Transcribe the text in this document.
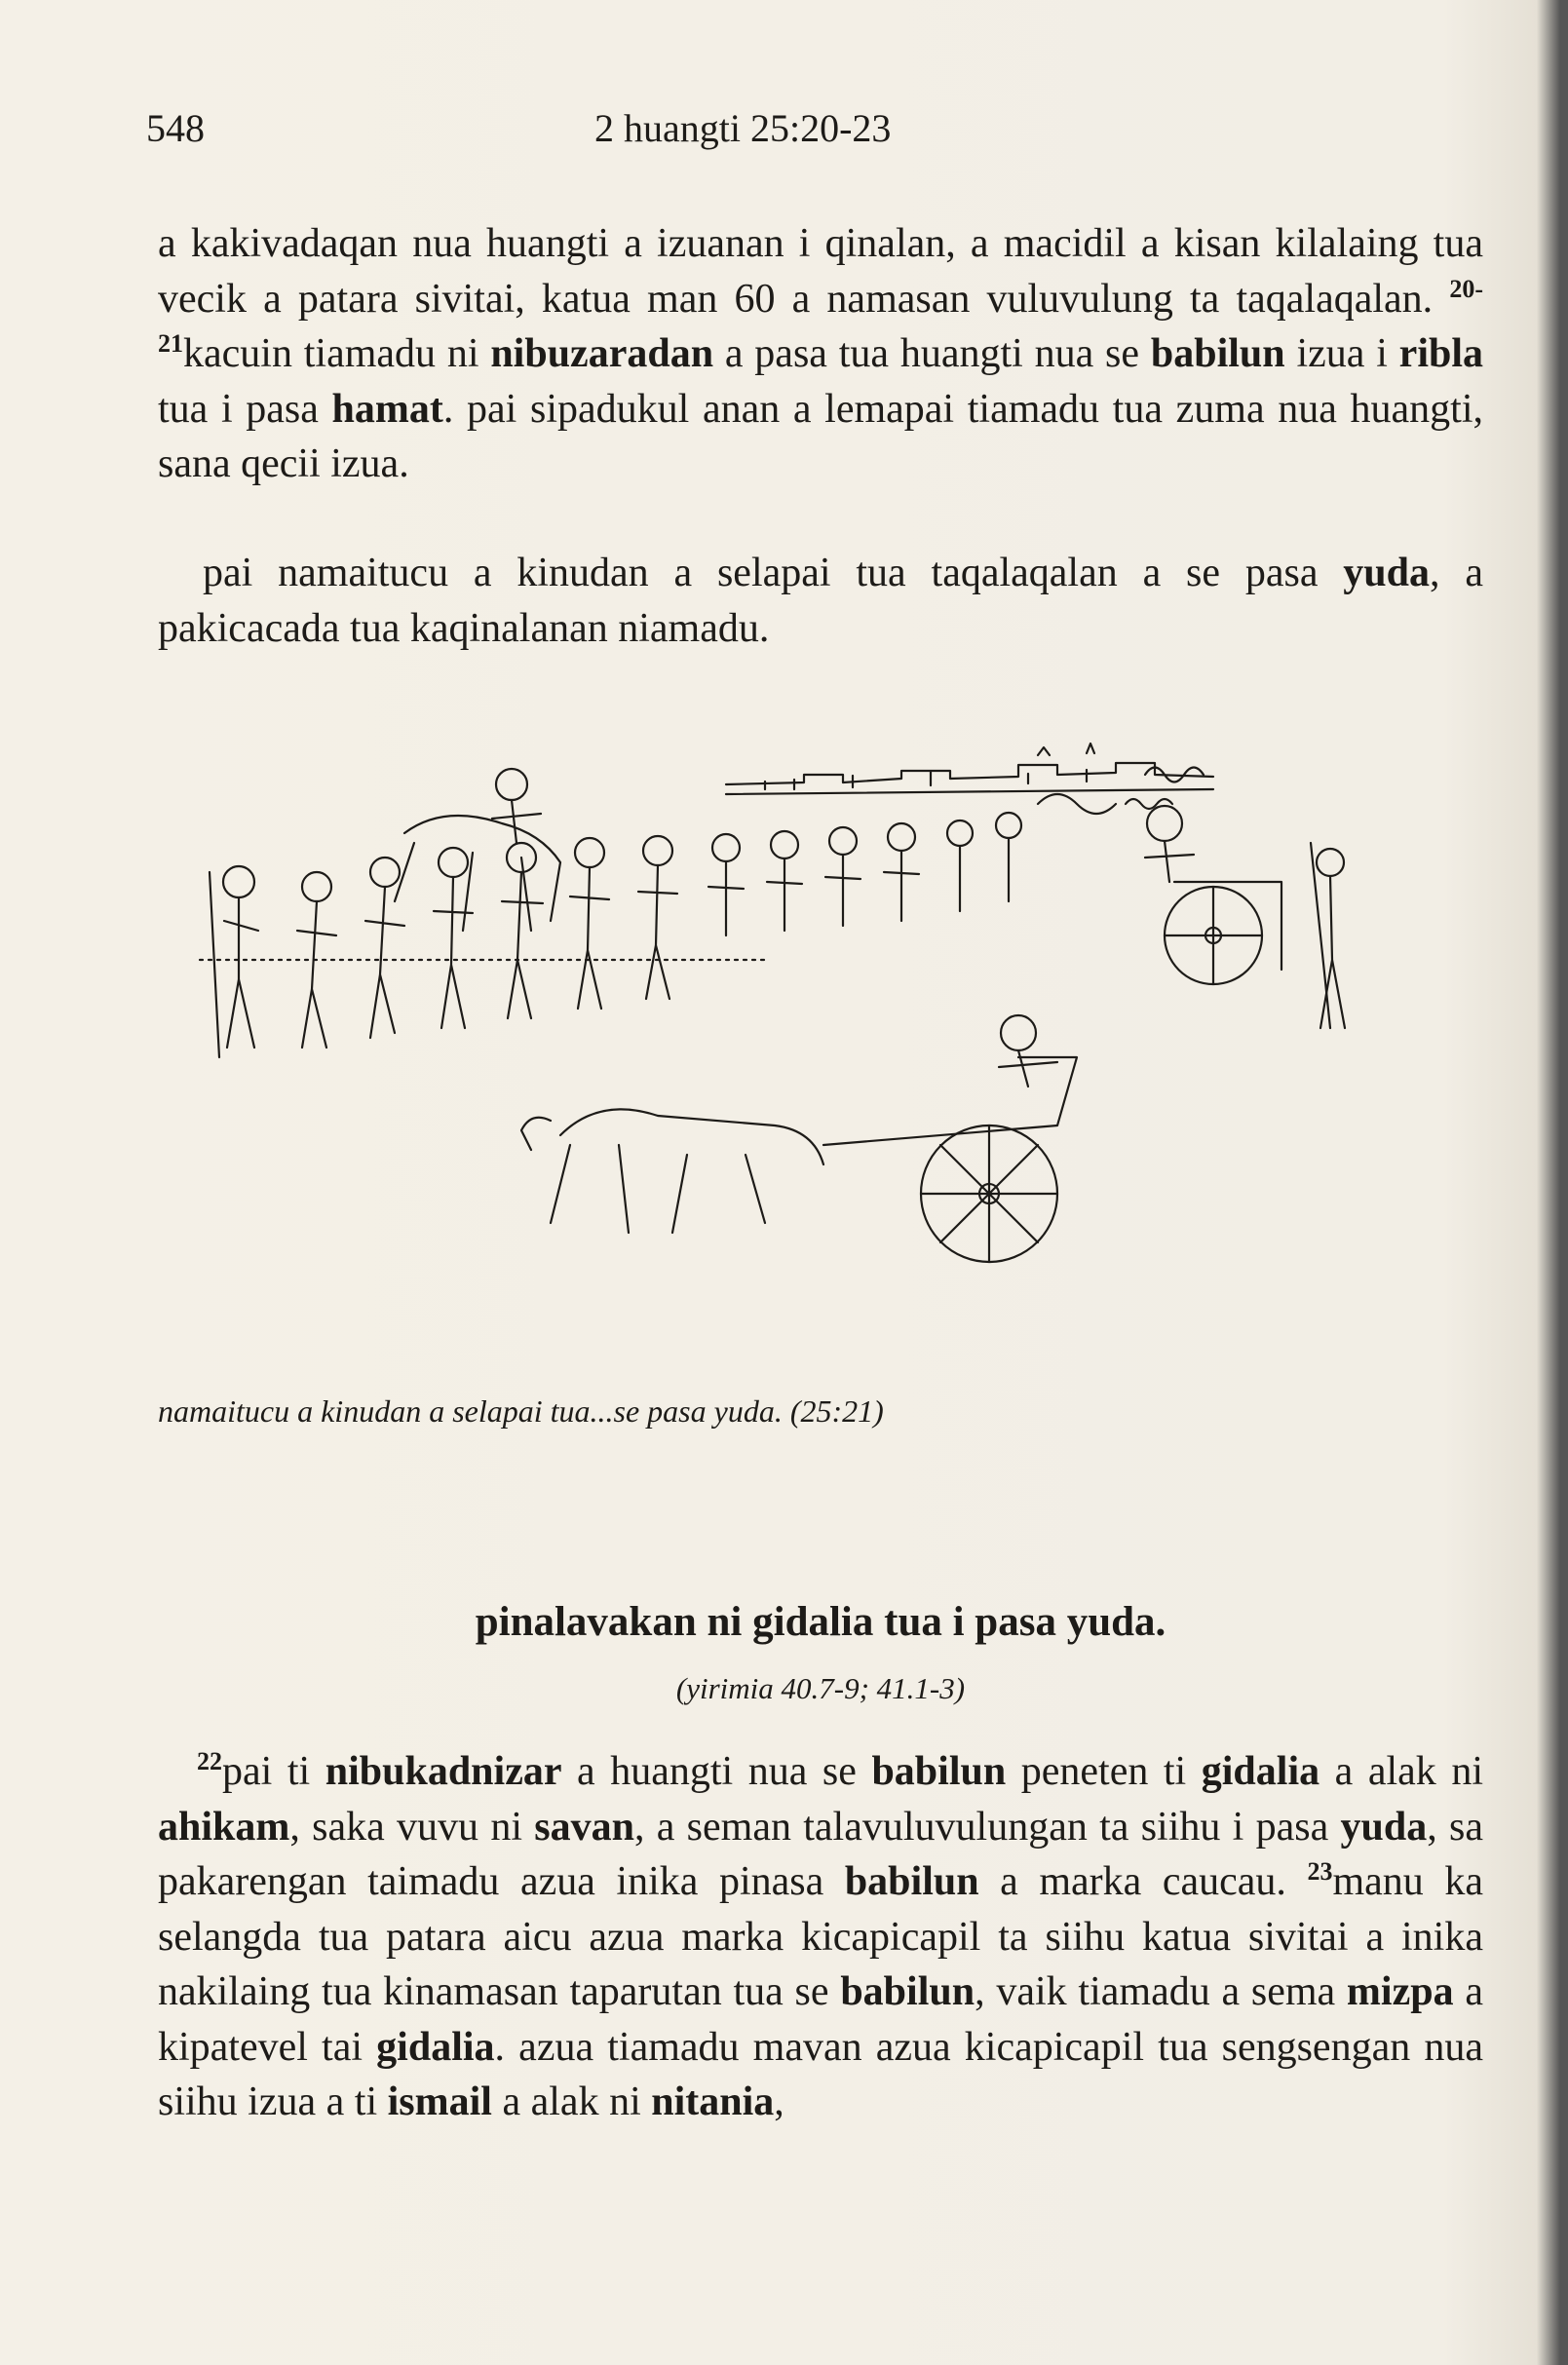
548	2 huangti 25:20-23
a kakivadaqan nua huangti a izuanan i qinalan, a macidil a kisan kilalaing tua vecik a patara sivitai, katua man 60 a namasan vuluvulung ta taqalaqalan. $^{20-21}$kacuin tiamadu ni nibuzaradan a pasa tua huangti nua se babilun izua i ribla tua i pasa hamat. pai sipadukul anan a lemapai tiamadu tua zuma nua huangti, sana qecii izua.
pai namaitucu a kinudan a selapai tua taqalaqalan a se pasa yuda, a pakicacada tua kaqinalanan niamadu.
namaitucu a kinudan a selapai tua...se pasa yuda. (25:21)
pinalavakan ni gidalia tua i pasa yuda.
(yirimia 40.7-9; 41.1-3)
$^{22}$pai ti nibukadnizar a huangti nua se babilun peneten ti gidalia a alak ni ahikam, saka vuvu ni savan, a seman talavuluvulungan ta siihu i pasa yuda, sa pakarengan taimadu azua inika pinasa babilun a marka caucau. $^{23}$manu ka selangda tua patara aicu azua marka kicapicapil ta siihu katua sivitai a inika nakilaing tua kinamasan taparutan tua se babilun, vaik tiamadu a sema mizpa a kipatevel tai gidalia. azua tiamadu mavan azua kicapicapil tua sengsengan nua siihu izua a ti ismail a alak ni nitania,
